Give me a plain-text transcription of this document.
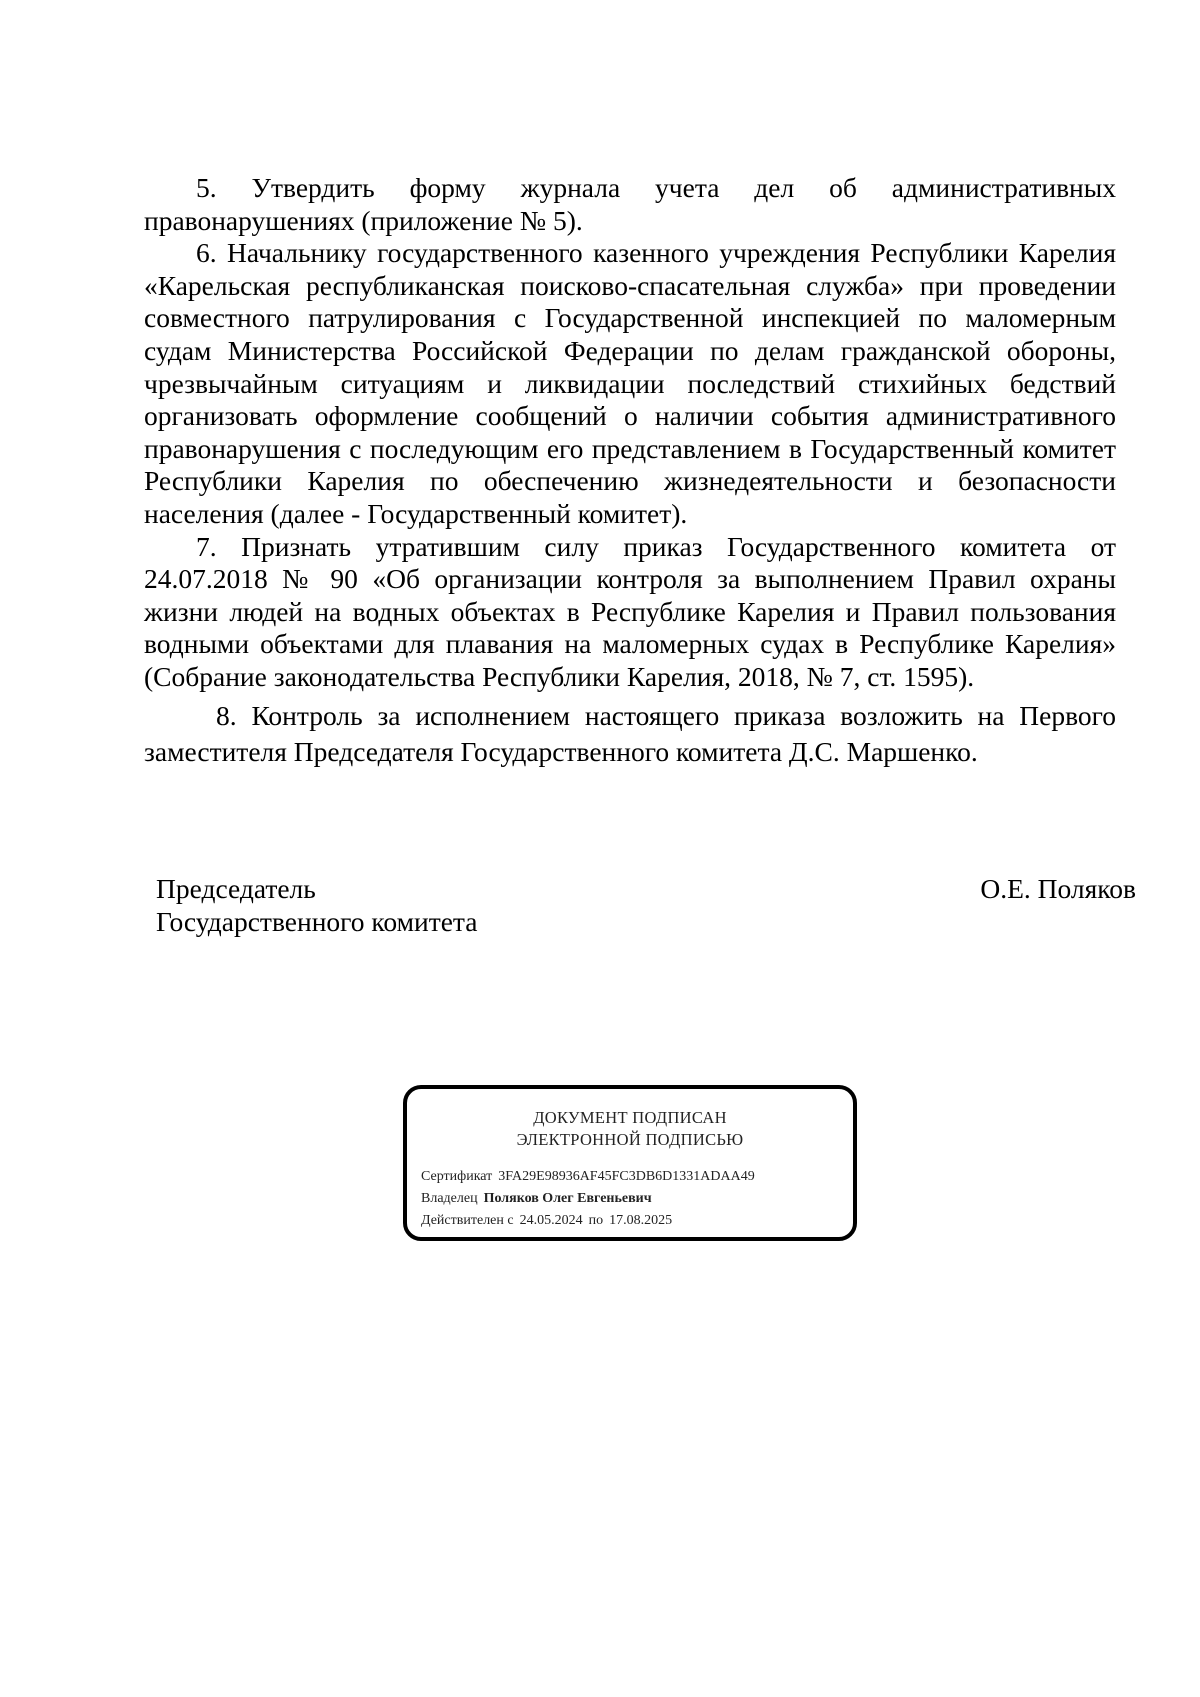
5. Утвердить форму журнала учета дел об административных правонарушениях (приложение № 5).

6. Начальнику государственного казенного учреждения Республики Карелия «Карельская республиканская поисково-спасательная служба» при проведении совместного патрулирования с Государственной инспекцией по маломерным судам Министерства Российской Федерации по делам гражданской обороны, чрезвычайным ситуациям и ликвидации последствий стихийных бедствий организовать оформление сообщений о наличии события административного правонарушения с последующим его представлением в Государственный комитет Республики Карелия по обеспечению жизнедеятельности и безопасности населения (далее - Государственный комитет).

7. Признать утратившим силу приказ Государственного комитета от 24.07.2018 № 90 «Об организации контроля за выполнением Правил охраны жизни людей на водных объектах в Республике Карелия и Правил пользования водными объектами для плавания на маломерных судах в Республике Карелия» (Собрание законодательства Республики Карелия, 2018, № 7, ст. 1595).

8. Контроль за исполнением настоящего приказа возложить на Первого заместителя Председателя Государственного комитета Д.С. Маршенко.

Председатель
Государственного комитета
О.Е. Поляков
ДОКУМЕНТ ПОДПИСАН
ЭЛЕКТРОННОЙ ПОДПИСЬЮ
Сертификат 3FA29E98936AF45FC3DB6D1331ADAA49
Владелец Поляков Олег Евгеньевич
Действителен с 24.05.2024 по 17.08.2025
